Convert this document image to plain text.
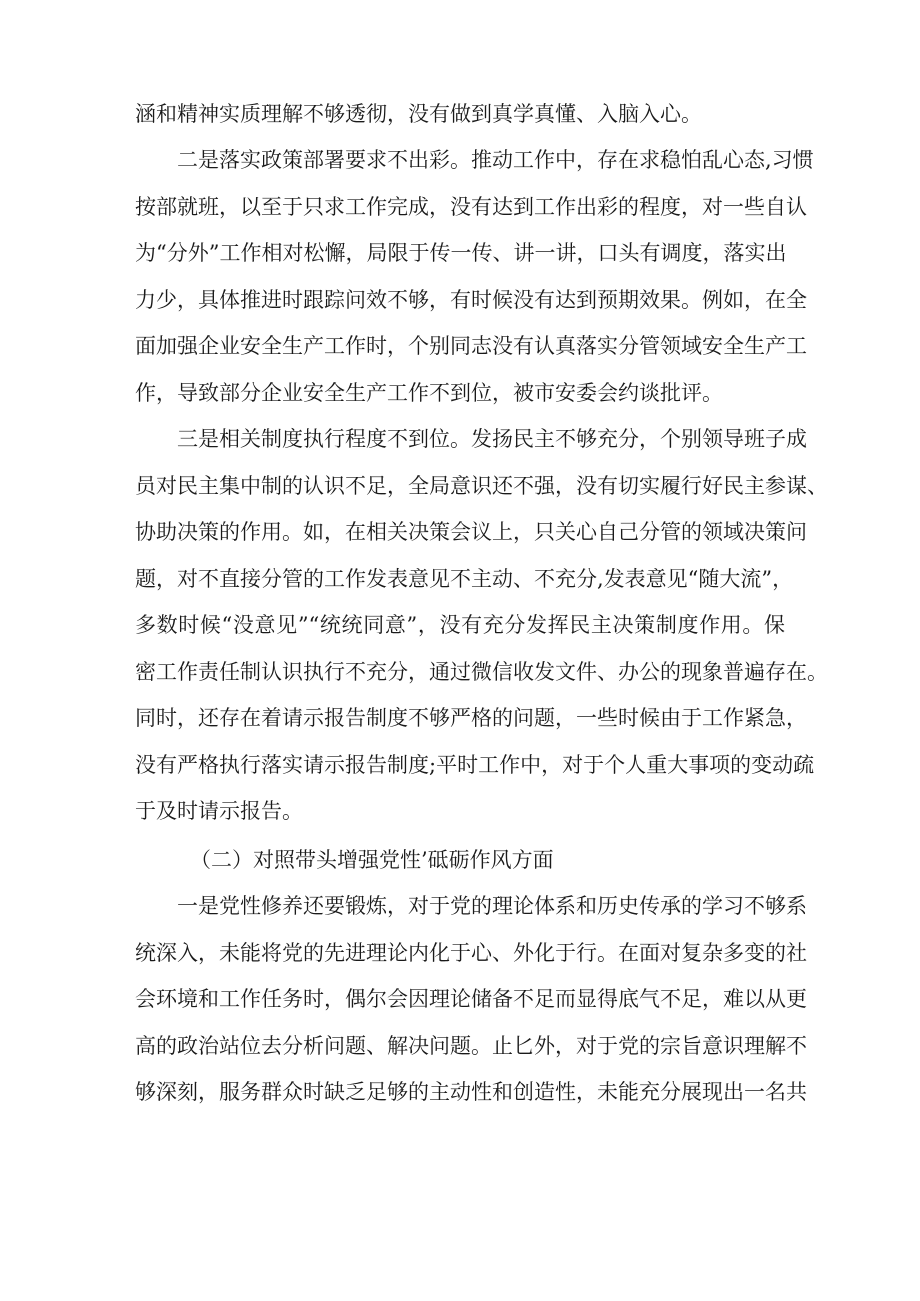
涵和精神实质理解不够透彻，没有做到真学真懂、入脑入心。
二是落实政策部署要求不出彩。推动工作中，存在求稳怕乱心态,习惯
按部就班，以至于只求工作完成，没有达到工作出彩的程度，对一些自认
为“分外”工作相对松懈，局限于传一传、讲一讲，口头有调度，落实出
力少，具体推进时跟踪问效不够，有时候没有达到预期效果。例如，在全
面加强企业安全生产工作时，个别同志没有认真落实分管领域安全生产工
作，导致部分企业安全生产工作不到位，被市安委会约谈批评。
三是相关制度执行程度不到位。发扬民主不够充分，个别领导班子成
员对民主集中制的认识不足，全局意识还不强，没有切实履行好民主参谋、
协助决策的作用。如，在相关决策会议上，只关心自己分管的领域决策问
题，对不直接分管的工作发表意见不主动、不充分,发表意见“随大流”，
多数时候“没意见”“统统同意”，没有充分发挥民主决策制度作用。保
密工作责任制认识执行不充分，通过微信收发文件、办公的现象普遍存在。
同时，还存在着请示报告制度不够严格的问题，一些时候由于工作紧急，
没有严格执行落实请示报告制度;平时工作中，对于个人重大事项的变动疏
于及时请示报告。
（二）对照带头增强党性’砥砺作风方面
一是党性修养还要锻炼，对于党的理论体系和历史传承的学习不够系
统深入，未能将党的先进理论内化于心、外化于行。在面对复杂多变的社
会环境和工作任务时，偶尔会因理论储备不足而显得底气不足，难以从更
高的政治站位去分析问题、解决问题。止匕外，对于党的宗旨意识理解不
够深刻，服务群众时缺乏足够的主动性和创造性，未能充分展现出一名共
